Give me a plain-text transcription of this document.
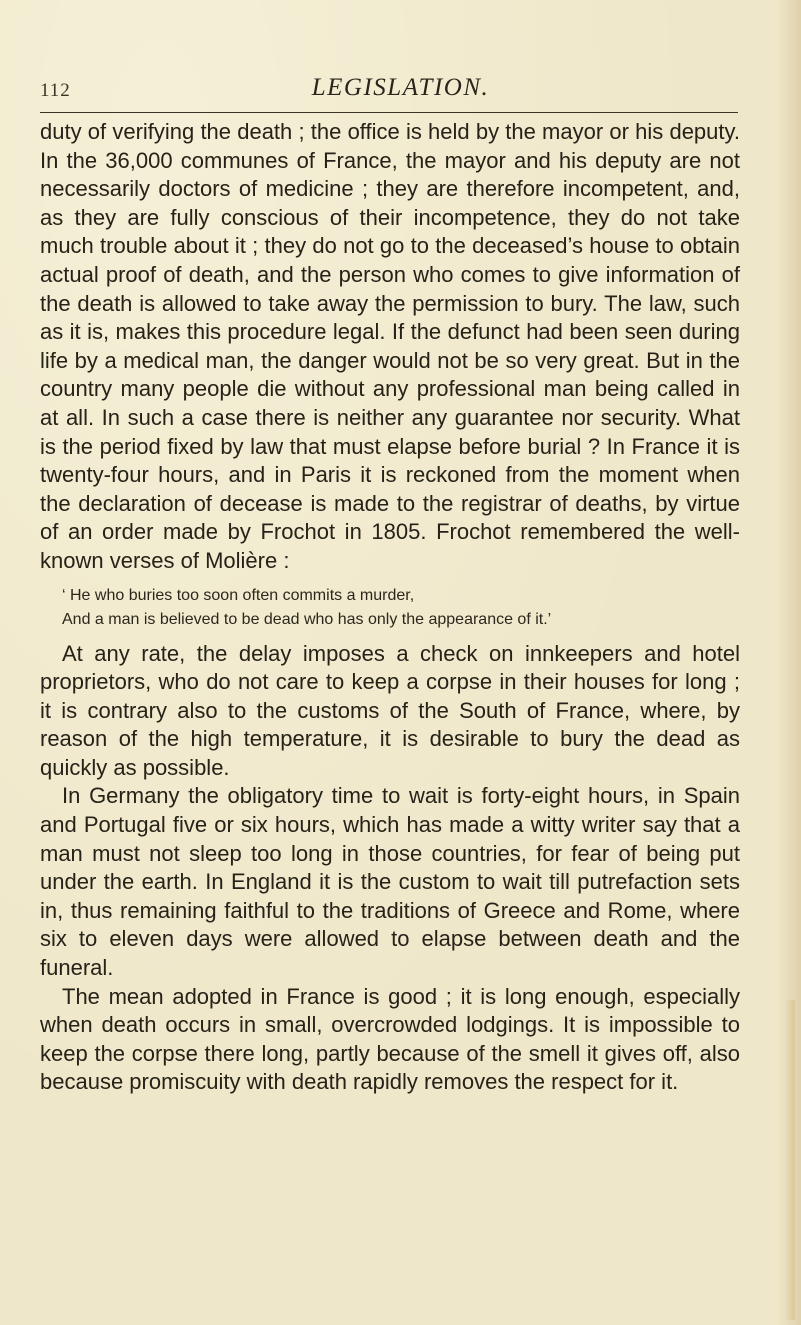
112	LEGISLATION.

duty of verifying the death ; the office is held by the mayor or his deputy. In the 36,000 communes of France, the mayor and his deputy are not necessarily doctors of medicine ; they are therefore incompetent, and, as they are fully conscious of their incompetence, they do not take much trouble about it ; they do not go to the deceased’s house to obtain actual proof of death, and the person who comes to give information of the death is allowed to take away the permission to bury. The law, such as it is, makes this procedure legal. If the defunct had been seen during life by a medical man, the danger would not be so very great. But in the country many people die without any professional man being called in at all. In such a case there is neither any guarantee nor security. What is the period fixed by law that must elapse before burial ? In France it is twenty-four hours, and in Paris it is reckoned from the moment when the declaration of decease is made to the registrar of deaths, by virtue of an order made by Frochot in 1805. Frochot remembered the well-known verses of Molière :

‘ He who buries too soon often commits a murder,
And a man is believed to be dead who has only the appearance of it.’

At any rate, the delay imposes a check on innkeepers and hotel proprietors, who do not care to keep a corpse in their houses for long ; it is contrary also to the customs of the South of France, where, by reason of the high temperature, it is desirable to bury the dead as quickly as possible.

In Germany the obligatory time to wait is forty-eight hours, in Spain and Portugal five or six hours, which has made a witty writer say that a man must not sleep too long in those countries, for fear of being put under the earth. In England it is the custom to wait till putrefaction sets in, thus remaining faithful to the traditions of Greece and Rome, where six to eleven days were allowed to elapse between death and the funeral.

The mean adopted in France is good ; it is long enough, especially when death occurs in small, overcrowded lodgings. It is impossible to keep the corpse there long, partly because of the smell it gives off, also because promiscuity with death rapidly removes the respect for it.
